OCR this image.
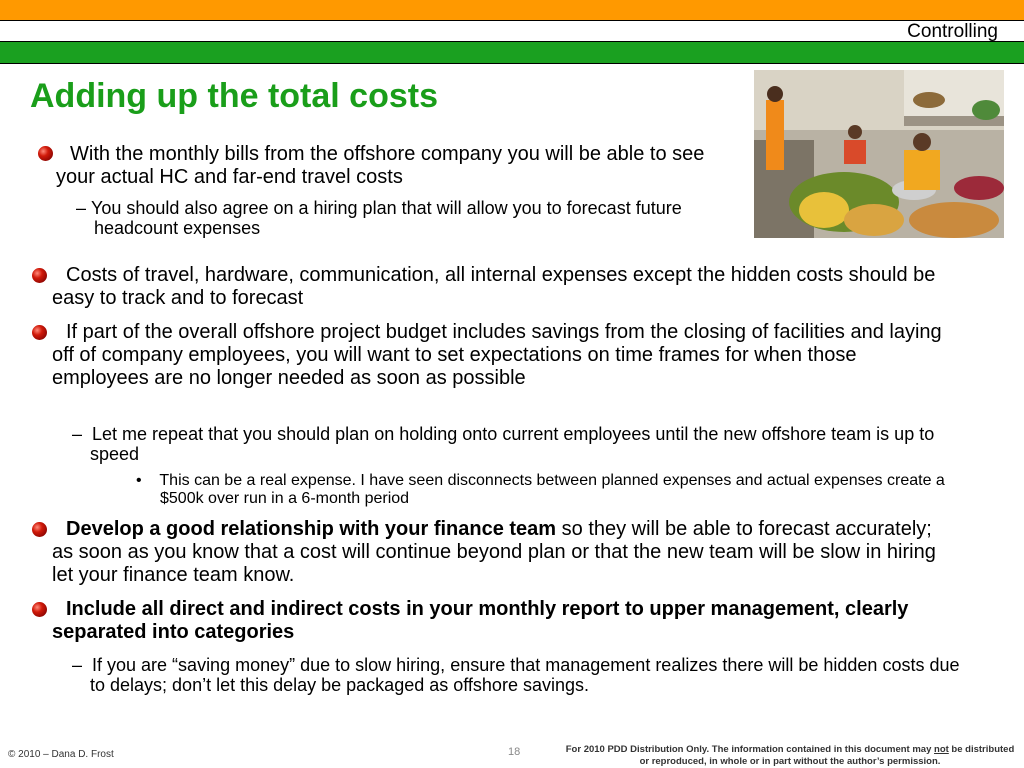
Controlling
Adding up the total costs

With the monthly bills from the offshore company you will be able to see your actual HC and far-end travel costs

– You should also agree on a hiring plan that will allow you to forecast future headcount expenses

Costs of travel, hardware, communication, all internal expenses except the hidden costs should be easy to track and to forecast

If part of the overall offshore project budget includes savings from the closing of facilities and laying off of company employees, you will want to set expectations on time frames for when those employees are no longer needed as soon as possible

–  Let me repeat that you should plan on holding onto current employees until the new offshore team is up to speed

•    This can be a real expense. I have seen disconnects between planned expenses and actual expenses create a $500k over run in a 6-month period

Develop a good relationship with your finance team so they will be able to forecast accurately; as soon as you know that a cost will continue beyond plan or that the new team will be slow in hiring let your finance team know.

Include all direct and indirect costs in your monthly report to upper management, clearly separated into categories

–  If you are “saving money” due to slow hiring, ensure that management realizes there will be hidden costs due to delays; don’t let this delay be packaged as offshore savings.

© 2010 – Dana D. Frost	18	For 2010 PDD Distribution Only. The information contained in this document may not be distributed or reproduced, in whole or in part without the author’s permission.
